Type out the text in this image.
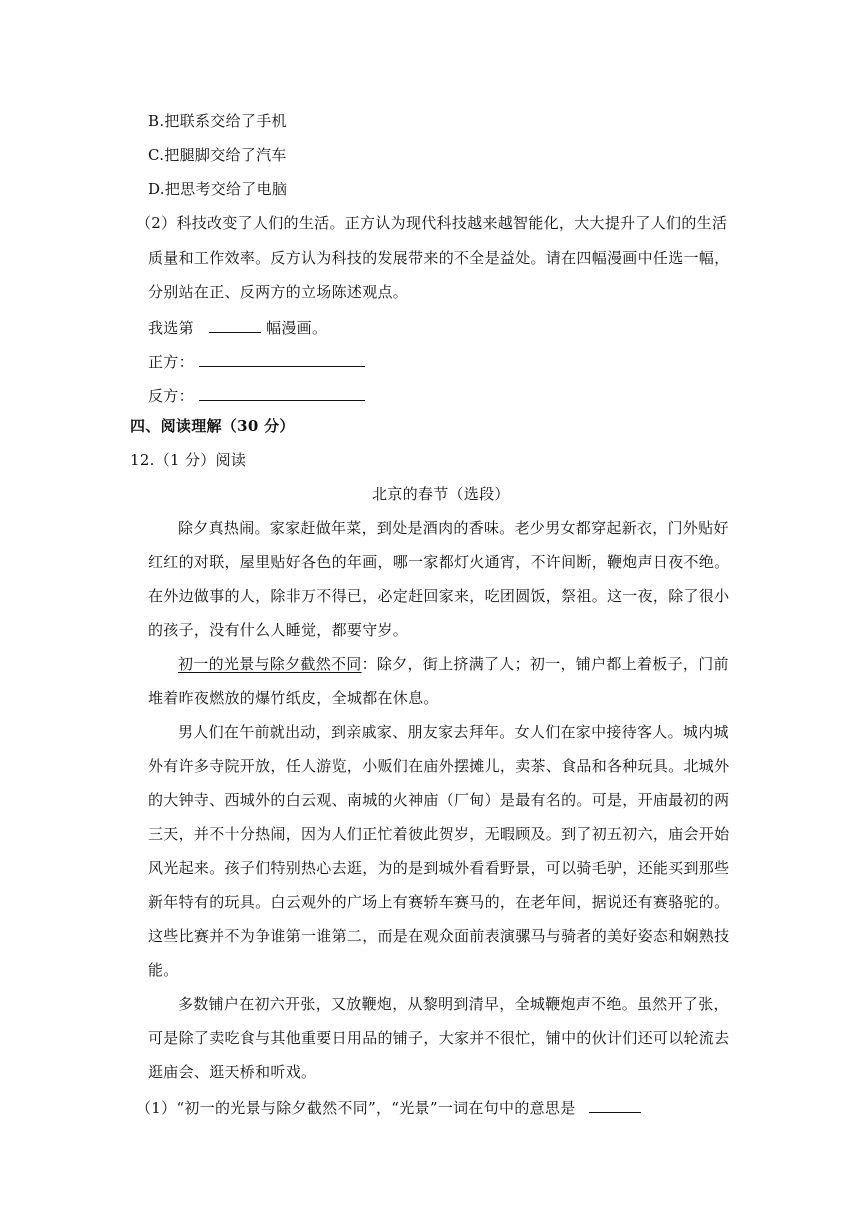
B.把联系交给了手机
C.把腿脚交给了汽车
D.把思考交给了电脑
（2）科技改变了人们的生活。正方认为现代科技越来越智能化，大大提升了人们的生活
质量和工作效率。反方认为科技的发展带来的不全是益处。请在四幅漫画中任选一幅，
分别站在正、反两方的立场陈述观点。
我选第	幅漫画。
正方：
反方：
四、阅读理解（30 分）
12.（1 分）阅读
北京的春节（选段）
除夕真热闹。家家赶做年菜，到处是酒肉的香味。老少男女都穿起新衣，门外贴好
红红的对联，屋里贴好各色的年画，哪一家都灯火通宵，不许间断，鞭炮声日夜不绝。
在外边做事的人，除非万不得已，必定赶回家来，吃团圆饭，祭祖。这一夜，除了很小
的孩子，没有什么人睡觉，都要守岁。
初一的光景与除夕截然不同：除夕，街上挤满了人；初一，铺户都上着板子，门前
堆着昨夜燃放的爆竹纸皮，全城都在休息。
男人们在午前就出动，到亲戚家、朋友家去拜年。女人们在家中接待客人。城内城
外有许多寺院开放，任人游览，小贩们在庙外摆摊儿，卖茶、食品和各种玩具。北城外
的大钟寺、西城外的白云观、南城的火神庙（厂甸）是最有名的。可是，开庙最初的两
三天，并不十分热闹，因为人们正忙着彼此贺岁，无暇顾及。到了初五初六，庙会开始
风光起来。孩子们特别热心去逛，为的是到城外看看野景，可以骑毛驴，还能买到那些
新年特有的玩具。白云观外的广场上有赛轿车赛马的，在老年间，据说还有赛骆驼的。
这些比赛并不为争谁第一谁第二，而是在观众面前表演骡马与骑者的美好姿态和娴熟技
能。
多数铺户在初六开张，又放鞭炮，从黎明到清早，全城鞭炮声不绝。虽然开了张，
可是除了卖吃食与其他重要日用品的铺子，大家并不很忙，铺中的伙计们还可以轮流去
逛庙会、逛天桥和听戏。
（1）“初一的光景与除夕截然不同”，“光景”一词在句中的意思是
